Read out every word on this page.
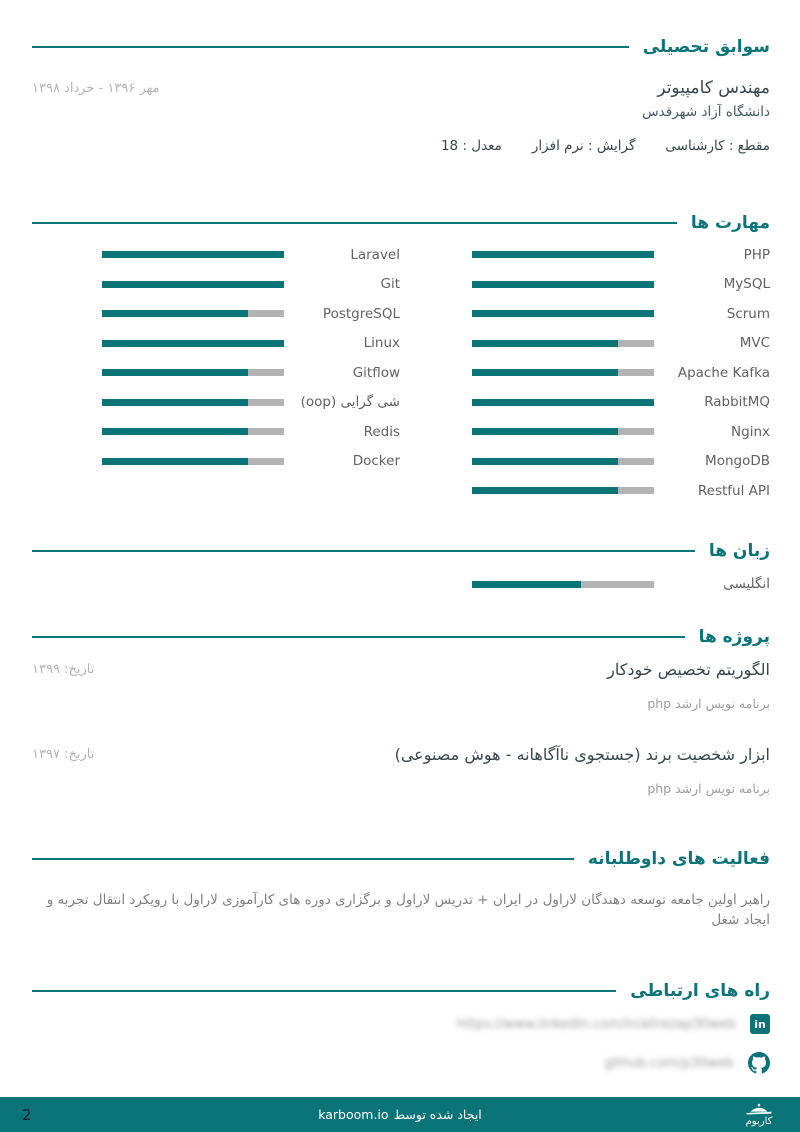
سوابق تحصیلی
مهندس کامپیوتر
دانشگاه آزاد شهرقدس
مقطع : کارشناسی
گرایش : نرم افزار
معدل : 18
مهر ۱۳۹۶ - خرداد ۱۳۹۸
مهارت ها
PHP
MySQL
Scrum
MVC
Apache Kafka
RabbitMQ
Nginx
MongoDB
Restful API
Laravel
Git
PostgreSQL
Linux
Gitflow
شی گرایی (oop)
Redis
Docker
زبان ها
انگلیسی
پروژه ها
الگوریتم تخصیص خودکار
برنامه نویس ارشد php
تاریخ: ۱۳۹۹
ابزار شخصیت برند (جستجوی ناآگاهانه - هوش مصنوعی)
برنامه نویس ارشد php
تاریخ: ۱۳۹۷
فعالیت های داوطلبانه

راهبر اولین جامعه توسعه دهندگان لاراول در ایران + تدریس لاراول و برگزاری دوره های کارآموزی لاراول با رویکرد انتقال تجربه و ایجاد شغل

راه های ارتباطی
in
https://www.linkedin.com/in/alirezap30web
github.com/p30web
2	ایجاد شده توسط
karboom.io	کاربوم
